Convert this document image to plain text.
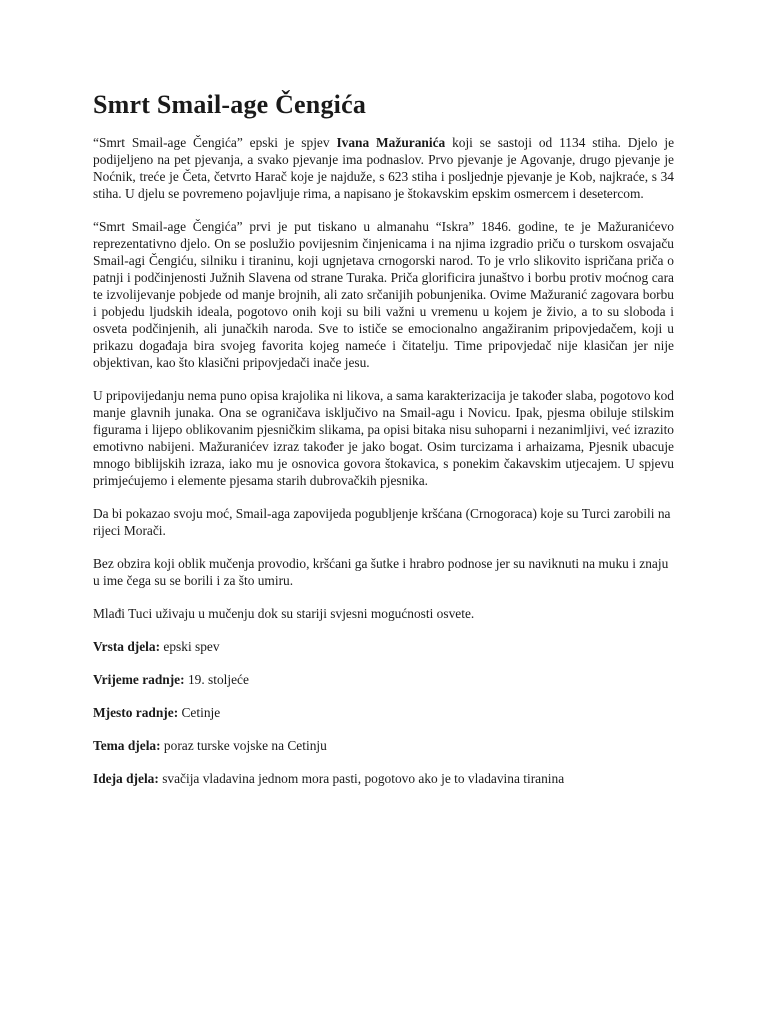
Smrt Smail-age Čengića

“Smrt Smail-age Čengića” epski je spjev Ivana Mažuranića koji se sastoji od 1134 stiha. Djelo je podijeljeno na pet pjevanja, a svako pjevanje ima podnaslov. Prvo pjevanje je Agovanje, drugo pjevanje je Noćnik, treće je Četa, četvrto Harač koje je najduže, s 623 stiha i posljednje pjevanje je Kob, najkraće, s 34 stiha. U djelu se povremeno pojavljuje rima, a napisano je štokavskim epskim osmercem i desetercom.

“Smrt Smail-age Čengića” prvi je put tiskano u almanahu “Iskra” 1846. godine, te je Mažuranićevo reprezentativno djelo. On se poslužio povijesnim činjenicama i na njima izgradio priču o turskom osvajaču Smail-agi Čengiću, silniku i tiraninu, koji ugnjetava crnogorski narod. To je vrlo slikovito ispričana priča o patnji i podčinjenosti Južnih Slavena od strane Turaka. Priča glorificira junaštvo i borbu protiv moćnog cara te izvolijevanje pobjede od manje brojnih, ali zato srčanijih pobunjenika. Ovime Mažuranić zagovara borbu i pobjedu ljudskih ideala, pogotovo onih koji su bili važni u vremenu u kojem je živio, a to su sloboda i osveta podčinjenih, ali junačkih naroda. Sve to ističe se emocionalno angažiranim pripovjedačem, koji u prikazu događaja bira svojeg favorita kojeg nameće i čitatelju. Time pripovjedač nije klasičan jer nije objektivan, kao što klasični pripovjedači inače jesu.

U pripovijedanju nema puno opisa krajolika ni likova, a sama karakterizacija je također slaba, pogotovo kod manje glavnih junaka. Ona se ograničava isključivo na Smail-agu i Novicu. Ipak, pjesma obiluje stilskim figurama i lijepo oblikovanim pjesničkim slikama, pa opisi bitaka nisu suhoparni i nezanimljivi, već izrazito emotivno nabijeni. Mažuranićev izraz također je jako bogat. Osim turcizama i arhaizama, Pjesnik ubacuje mnogo biblijskih izraza, iako mu je osnovica govora štokavica, s ponekim čakavskim utjecajem. U spjevu primjećujemo i elemente pjesama starih dubrovačkih pjesnika.

Da bi pokazao svoju moć, Smail-aga zapovijeda pogubljenje kršćana (Crnogoraca) koje su Turci zarobili na rijeci Morači.

Bez obzira koji oblik mučenja provodio, kršćani ga šutke i hrabro podnose jer su naviknuti na muku i znaju u ime čega su se borili i za što umiru.

Mlađi Tuci uživaju u mučenju dok su stariji svjesni mogućnosti osvete.

Vrsta djela: epski spev

Vrijeme radnje: 19. stoljeće

Mjesto radnje: Cetinje

Tema djela: poraz turske vojske na Cetinju

Ideja djela: svačija vladavina jednom mora pasti, pogotovo ako je to vladavina tiranina
